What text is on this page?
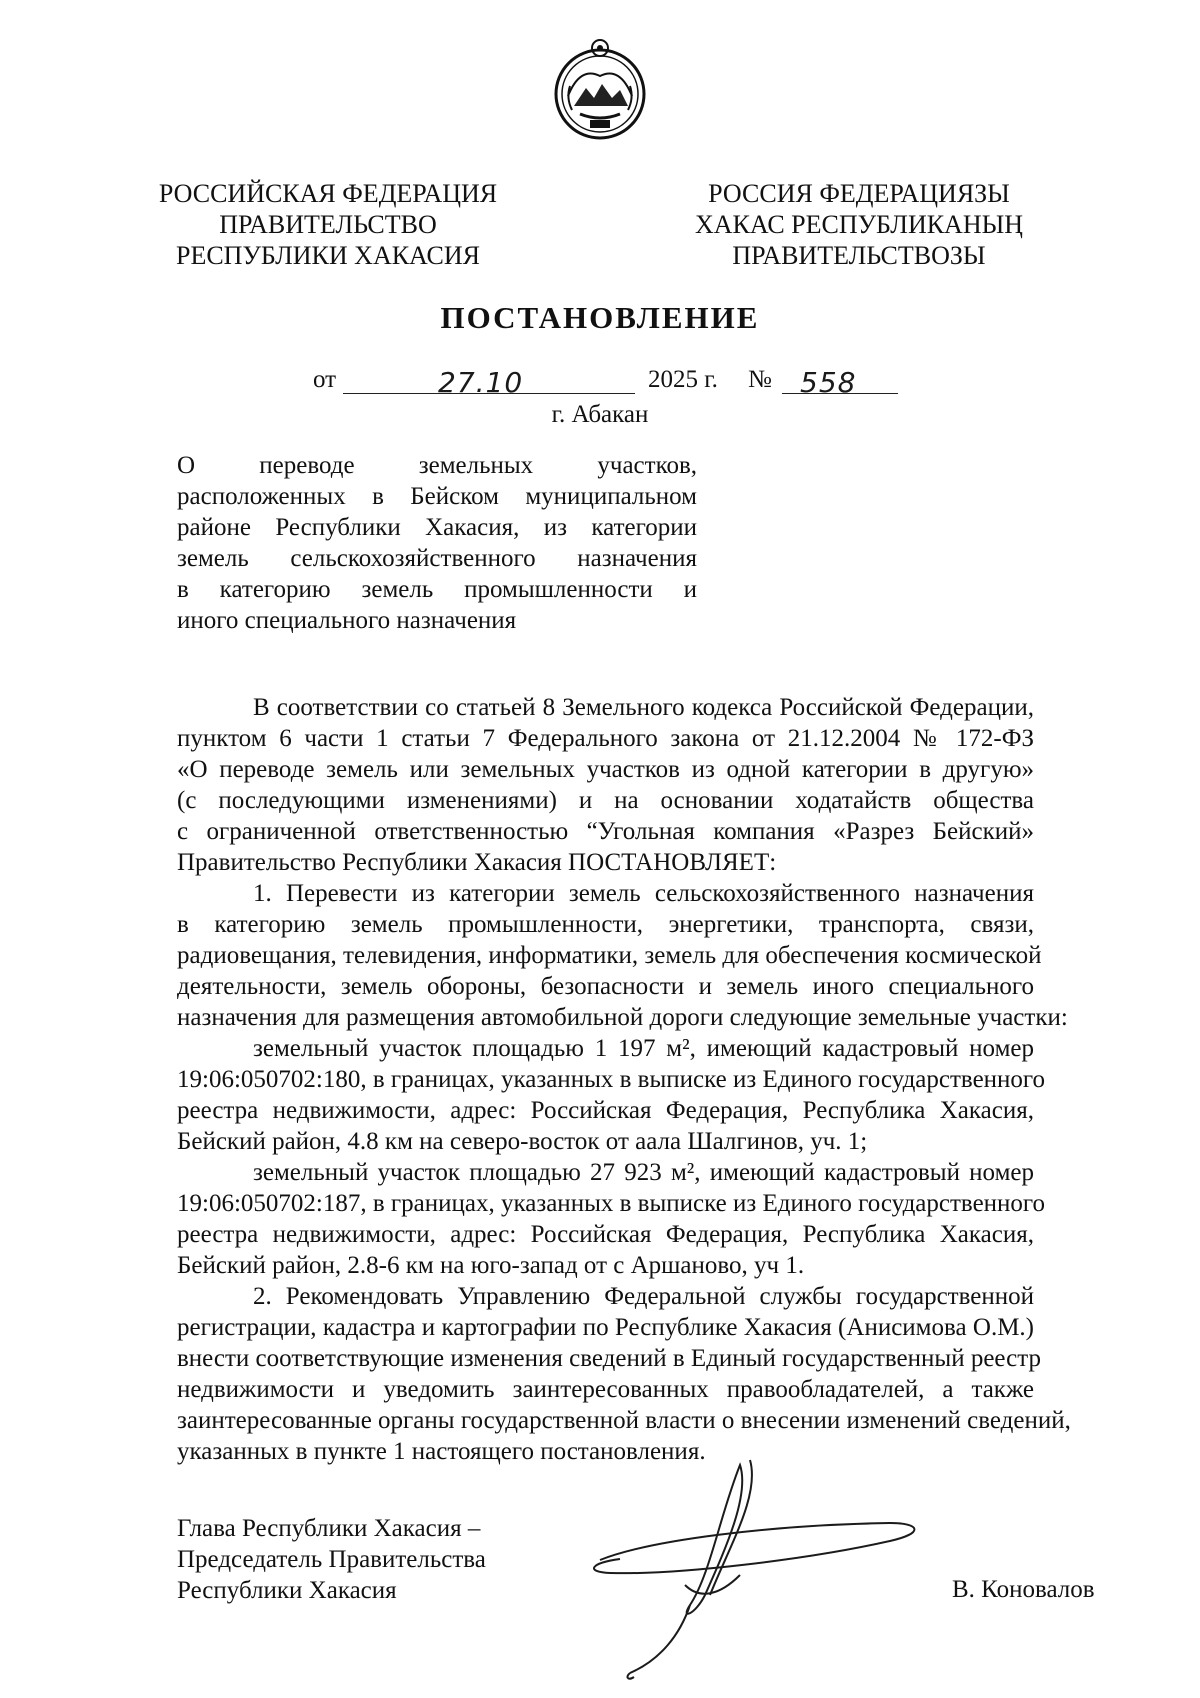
РОССИЙСКАЯ ФЕДЕРАЦИЯ
ПРАВИТЕЛЬСТВО
РЕСПУБЛИКИ ХАКАСИЯ
РОССИЯ ФЕДЕРАЦИЯЗЫ
ХАКАС РЕСПУБЛИКАНЫҢ
ПРАВИТЕЛЬСТВОЗЫ
ПОСТАНОВЛЕНИЕ
от	27.10	2025 г. № 558
г. Абакан
О переводе земельных участков,
расположенных в Бейском муниципальном
районе Республики Хакасия, из категории
земель сельскохозяйственного назначения
в категорию земель промышленности и
иного специального назначения
В соответствии со статьей 8 Земельного кодекса Российской Федерации,
пунктом 6 части 1 статьи 7 Федерального закона от 21.12.2004 № 172-ФЗ
«О переводе земель или земельных участков из одной категории в другую»
(с последующими изменениями) и на основании ходатайств общества
с ограниченной ответственностью “Угольная компания «Разрез Бейский»
Правительство Республики Хакасия ПОСТАНОВЛЯЕТ:
1. Перевести из категории земель сельскохозяйственного назначения
в категорию земель промышленности, энергетики, транспорта, связи,
радиовещания, телевидения, информатики, земель для обеспечения космической
деятельности, земель обороны, безопасности и земель иного специального
назначения для размещения автомобильной дороги следующие земельные участки:
земельный участок площадью 1 197 м², имеющий кадастровый номер
19:06:050702:180, в границах, указанных в выписке из Единого государственного
реестра недвижимости, адрес: Российская Федерация, Республика Хакасия,
Бейский район, 4.8 км на северо-восток от аала Шалгинов, уч. 1;
земельный участок площадью 27 923 м², имеющий кадастровый номер
19:06:050702:187, в границах, указанных в выписке из Единого государственного
реестра недвижимости, адрес: Российская Федерация, Республика Хакасия,
Бейский район, 2.8-6 км на юго-запад от с Аршаново, уч 1.
2. Рекомендовать Управлению Федеральной службы государственной
регистрации, кадастра и картографии по Республике Хакасия (Анисимова О.М.)
внести соответствующие изменения сведений в Единый государственный реестр
недвижимости и уведомить заинтересованных правообладателей, а также
заинтересованные органы государственной власти о внесении изменений сведений,
указанных в пункте 1 настоящего постановления.
Глава Республики Хакасия –
Председатель Правительства
Республики Хакасия	В. Коновалов
